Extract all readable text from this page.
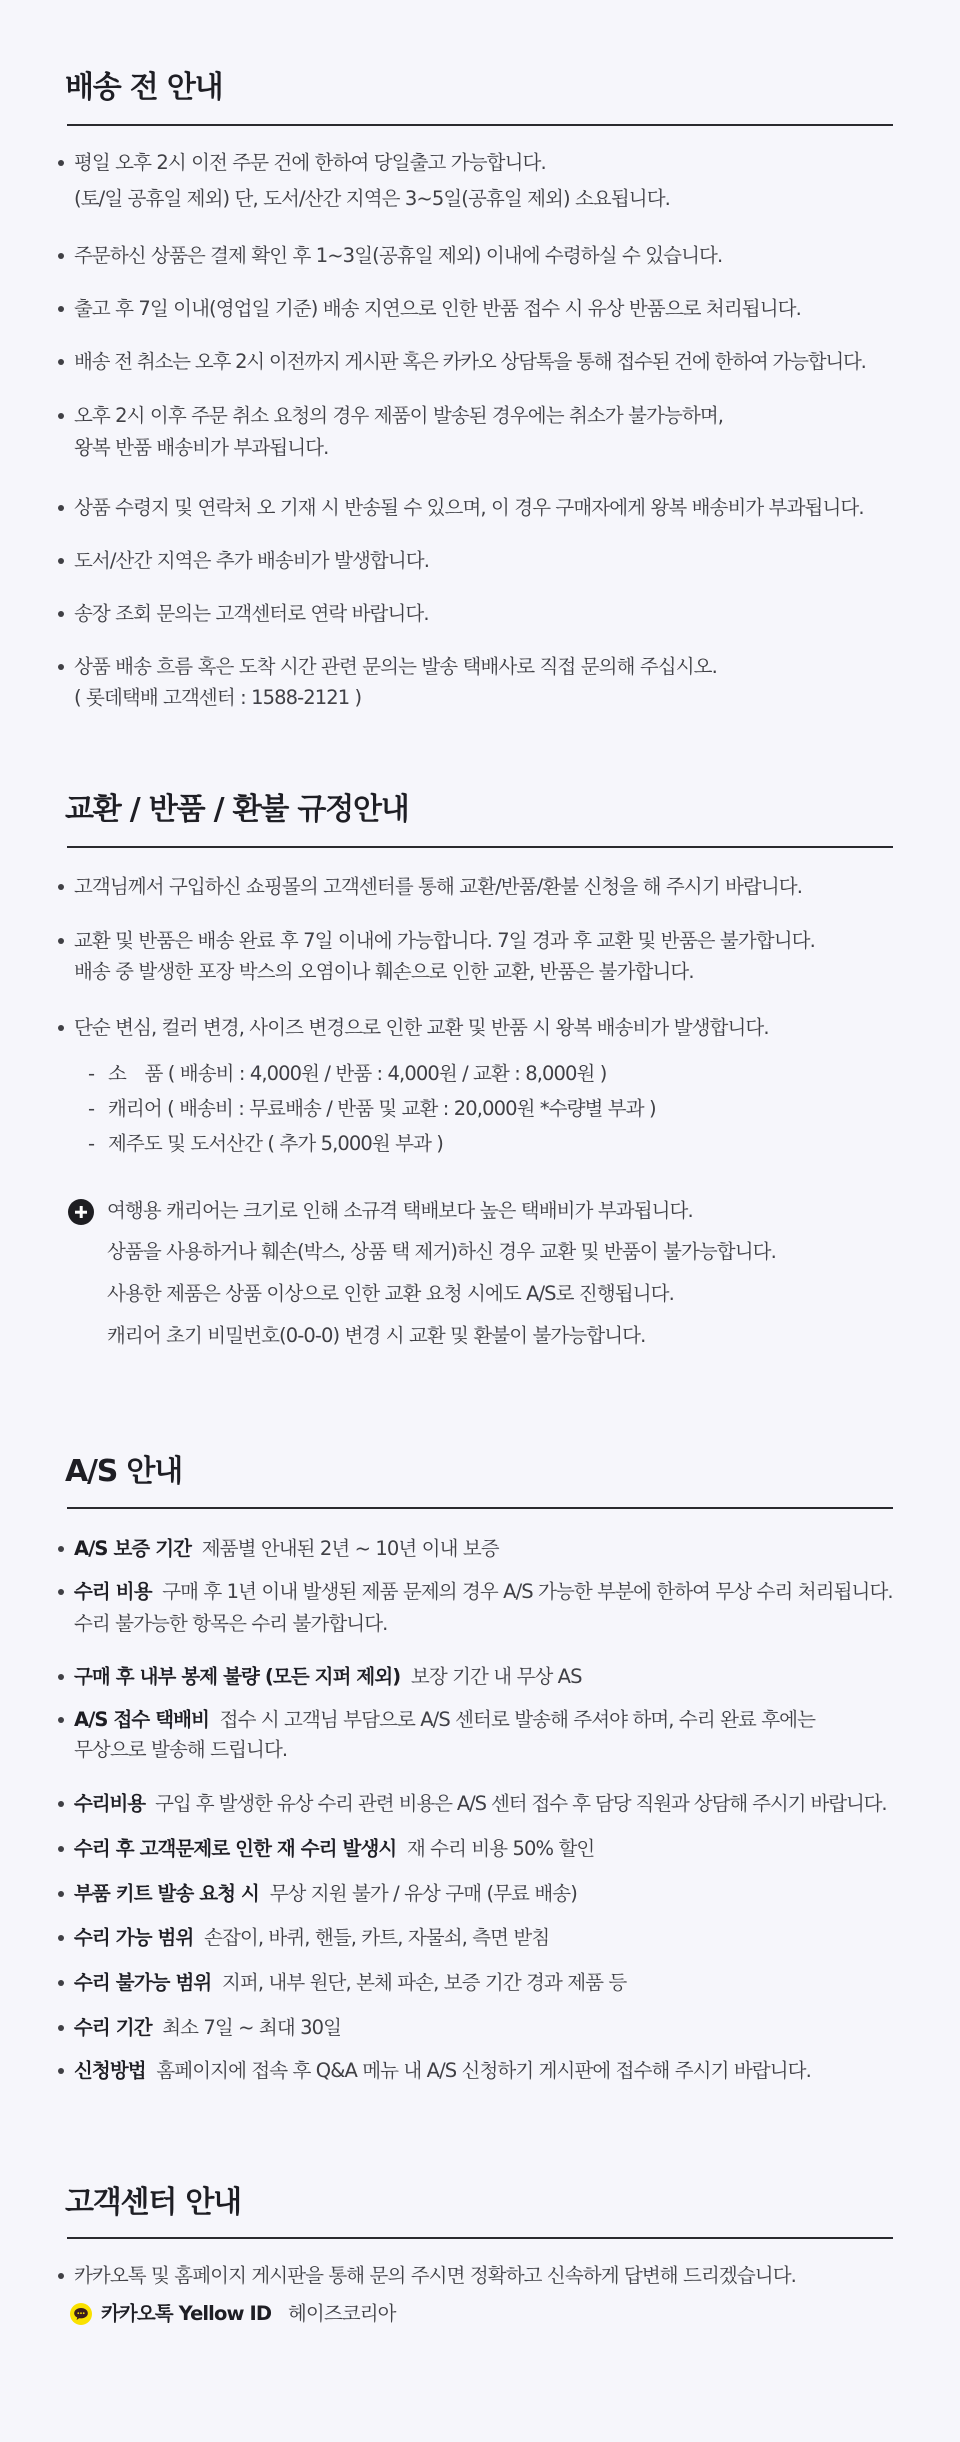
배송 전 안내
평일 오후 2시 이전 주문 건에 한하여 당일출고 가능합니다.
(토/일 공휴일 제외) 단, 도서/산간 지역은 3~5일(공휴일 제외) 소요됩니다.
주문하신 상품은 결제 확인 후 1~3일(공휴일 제외) 이내에 수령하실 수 있습니다.
출고 후 7일 이내(영업일 기준) 배송 지연으로 인한 반품 접수 시 유상 반품으로 처리됩니다.
배송 전 취소는 오후 2시 이전까지 게시판 혹은 카카오 상담톡을 통해 접수된 건에 한하여 가능합니다.
오후 2시 이후 주문 취소 요청의 경우 제품이 발송된 경우에는 취소가 불가능하며,
왕복 반품 배송비가 부과됩니다.
상품 수령지 및 연락처 오 기재 시 반송될 수 있으며, 이 경우 구매자에게 왕복 배송비가 부과됩니다.
도서/산간 지역은 추가 배송비가 발생합니다.
송장 조회 문의는 고객센터로 연락 바랍니다.
상품 배송 흐름 혹은 도착 시간 관련 문의는 발송 택배사로 직접 문의해 주십시오.
( 롯데택배 고객센터 : 1588-2121 )
교환 / 반품 / 환불 규정안내
고객님께서 구입하신 쇼핑몰의 고객센터를 통해 교환/반품/환불 신청을 해 주시기 바랍니다.
교환 및 반품은 배송 완료 후 7일 이내에 가능합니다. 7일 경과 후 교환 및 반품은 불가합니다.
배송 중 발생한 포장 박스의 오염이나 훼손으로 인한 교환, 반품은 불가합니다.
단순 변심, 컬러 변경, 사이즈 변경으로 인한 교환 및 반품 시 왕복 배송비가 발생합니다.
- 소　품 ( 배송비 : 4,000원 / 반품 : 4,000원 / 교환 : 8,000원 )
- 캐리어 ( 배송비 : 무료배송 / 반품 및 교환 : 20,000원 *수량별 부과 )
- 제주도 및 도서산간 ( 추가 5,000원 부과 )
여행용 캐리어는 크기로 인해 소규격 택배보다 높은 택배비가 부과됩니다.
상품을 사용하거나 훼손(박스, 상품 택 제거)하신 경우 교환 및 반품이 불가능합니다.
사용한 제품은 상품 이상으로 인한 교환 요청 시에도 A/S로 진행됩니다.
캐리어 초기 비밀번호(0-0-0) 변경 시 교환 및 환불이 불가능합니다.
A/S 안내
A/S 보증 기간 제품별 안내된 2년 ~ 10년 이내 보증
수리 비용 구매 후 1년 이내 발생된 제품 문제의 경우 A/S 가능한 부분에 한하여 무상 수리 처리됩니다.
수리 불가능한 항목은 수리 불가합니다.
구매 후 내부 봉제 불량 (모든 지퍼 제외) 보장 기간 내 무상 AS
A/S 접수 택배비 접수 시 고객님 부담으로 A/S 센터로 발송해 주셔야 하며, 수리 완료 후에는
무상으로 발송해 드립니다.
수리비용 구입 후 발생한 유상 수리 관련 비용은 A/S 센터 접수 후 담당 직원과 상담해 주시기 바랍니다.
수리 후 고객문제로 인한 재 수리 발생시 재 수리 비용 50% 할인
부품 키트 발송 요청 시 무상 지원 불가 / 유상 구매 (무료 배송)
수리 가능 범위 손잡이, 바퀴, 핸들, 카트, 자물쇠, 측면 받침
수리 불가능 범위 지퍼, 내부 원단, 본체 파손, 보증 기간 경과 제품 등
수리 기간 최소 7일 ~ 최대 30일
신청방법 홈페이지에 접속 후 Q&A 메뉴 내 A/S 신청하기 게시판에 접수해 주시기 바랍니다.
고객센터 안내
카카오톡 및 홈페이지 게시판을 통해 문의 주시면 정확하고 신속하게 답변해 드리겠습니다.
카카오톡 Yellow ID 헤이즈코리아
